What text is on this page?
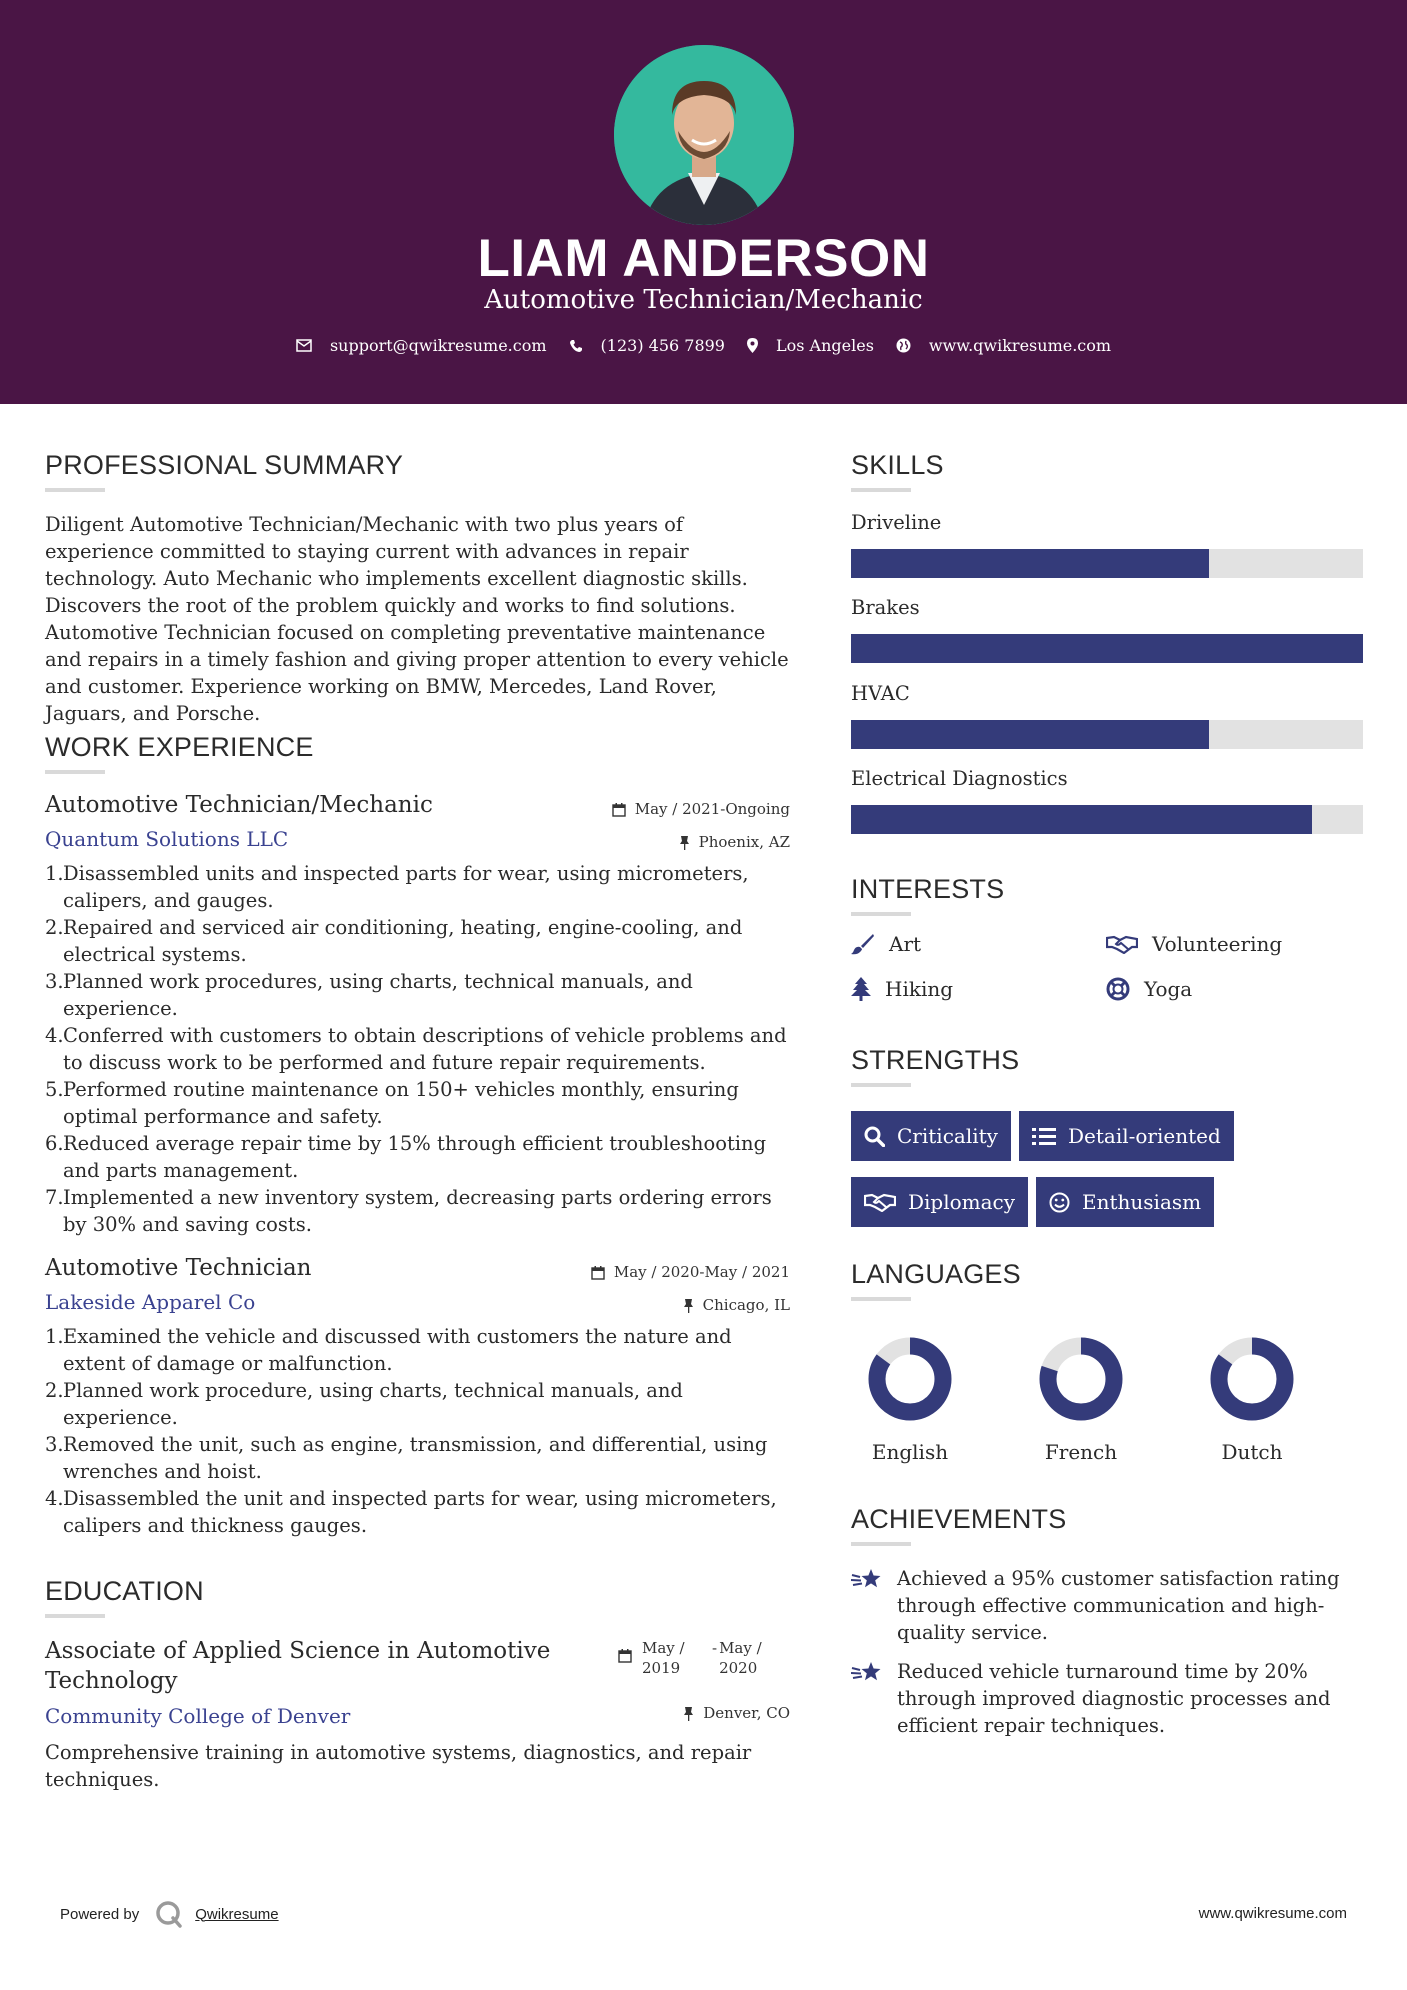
LIAM ANDERSON
Automotive Technician/Mechanic
support@qwikresume.com	(123) 456 7899	Los Angeles	www.qwikresume.com
PROFESSIONAL SUMMARY
Diligent Automotive Technician/Mechanic with two plus years of experience committed to staying current with advances in repair technology. Auto Mechanic who implements excellent diagnostic skills. Discovers the root of the problem quickly and works to find solutions. Automotive Technician focused on completing preventative maintenance and repairs in a timely fashion and giving proper attention to every vehicle and customer. Experience working on BMW, Mercedes, Land Rover, Jaguars, and Porsche.
WORK EXPERIENCE
Automotive Technician/Mechanic
Quantum Solutions LLC
May / 2021-Ongoing
Phoenix, AZ
1. Disassembled units and inspected parts for wear, using micrometers, calipers, and gauges.
2. Repaired and serviced air conditioning, heating, engine-cooling, and electrical systems.
3. Planned work procedures, using charts, technical manuals, and experience.
4. Conferred with customers to obtain descriptions of vehicle problems and to discuss work to be performed and future repair requirements.
5. Performed routine maintenance on 150+ vehicles monthly, ensuring optimal performance and safety.
6. Reduced average repair time by 15% through efficient troubleshooting and parts management.
7. Implemented a new inventory system, decreasing parts ordering errors by 30% and saving costs.
Automotive Technician
Lakeside Apparel Co
May / 2020-May / 2021
Chicago, IL
1. Examined the vehicle and discussed with customers the nature and extent of damage or malfunction.
2. Planned work procedure, using charts, technical manuals, and experience.
3. Removed the unit, such as engine, transmission, and differential, using wrenches and hoist.
4. Disassembled the unit and inspected parts for wear, using micrometers, calipers and thickness gauges.
EDUCATION
Associate of Applied Science in Automotive Technology
Community College of Denver
Comprehensive training in automotive systems, diagnostics, and repair techniques.
May / 2019
- May / 2020
Denver, CO
SKILLS
Driveline
Brakes
HVAC
Electrical Diagnostics
INTERESTS
Art	Volunteering
Hiking	Yoga
STRENGTHS
Criticality	Detail-oriented
Diplomacy	Enthusiasm
LANGUAGES
English	French	Dutch
ACHIEVEMENTS
Achieved a 95% customer satisfaction rating through effective communication and high-quality service.
Reduced vehicle turnaround time by 20% through improved diagnostic processes and efficient repair techniques.
Powered by	Qwikresume	www.qwikresume.com
